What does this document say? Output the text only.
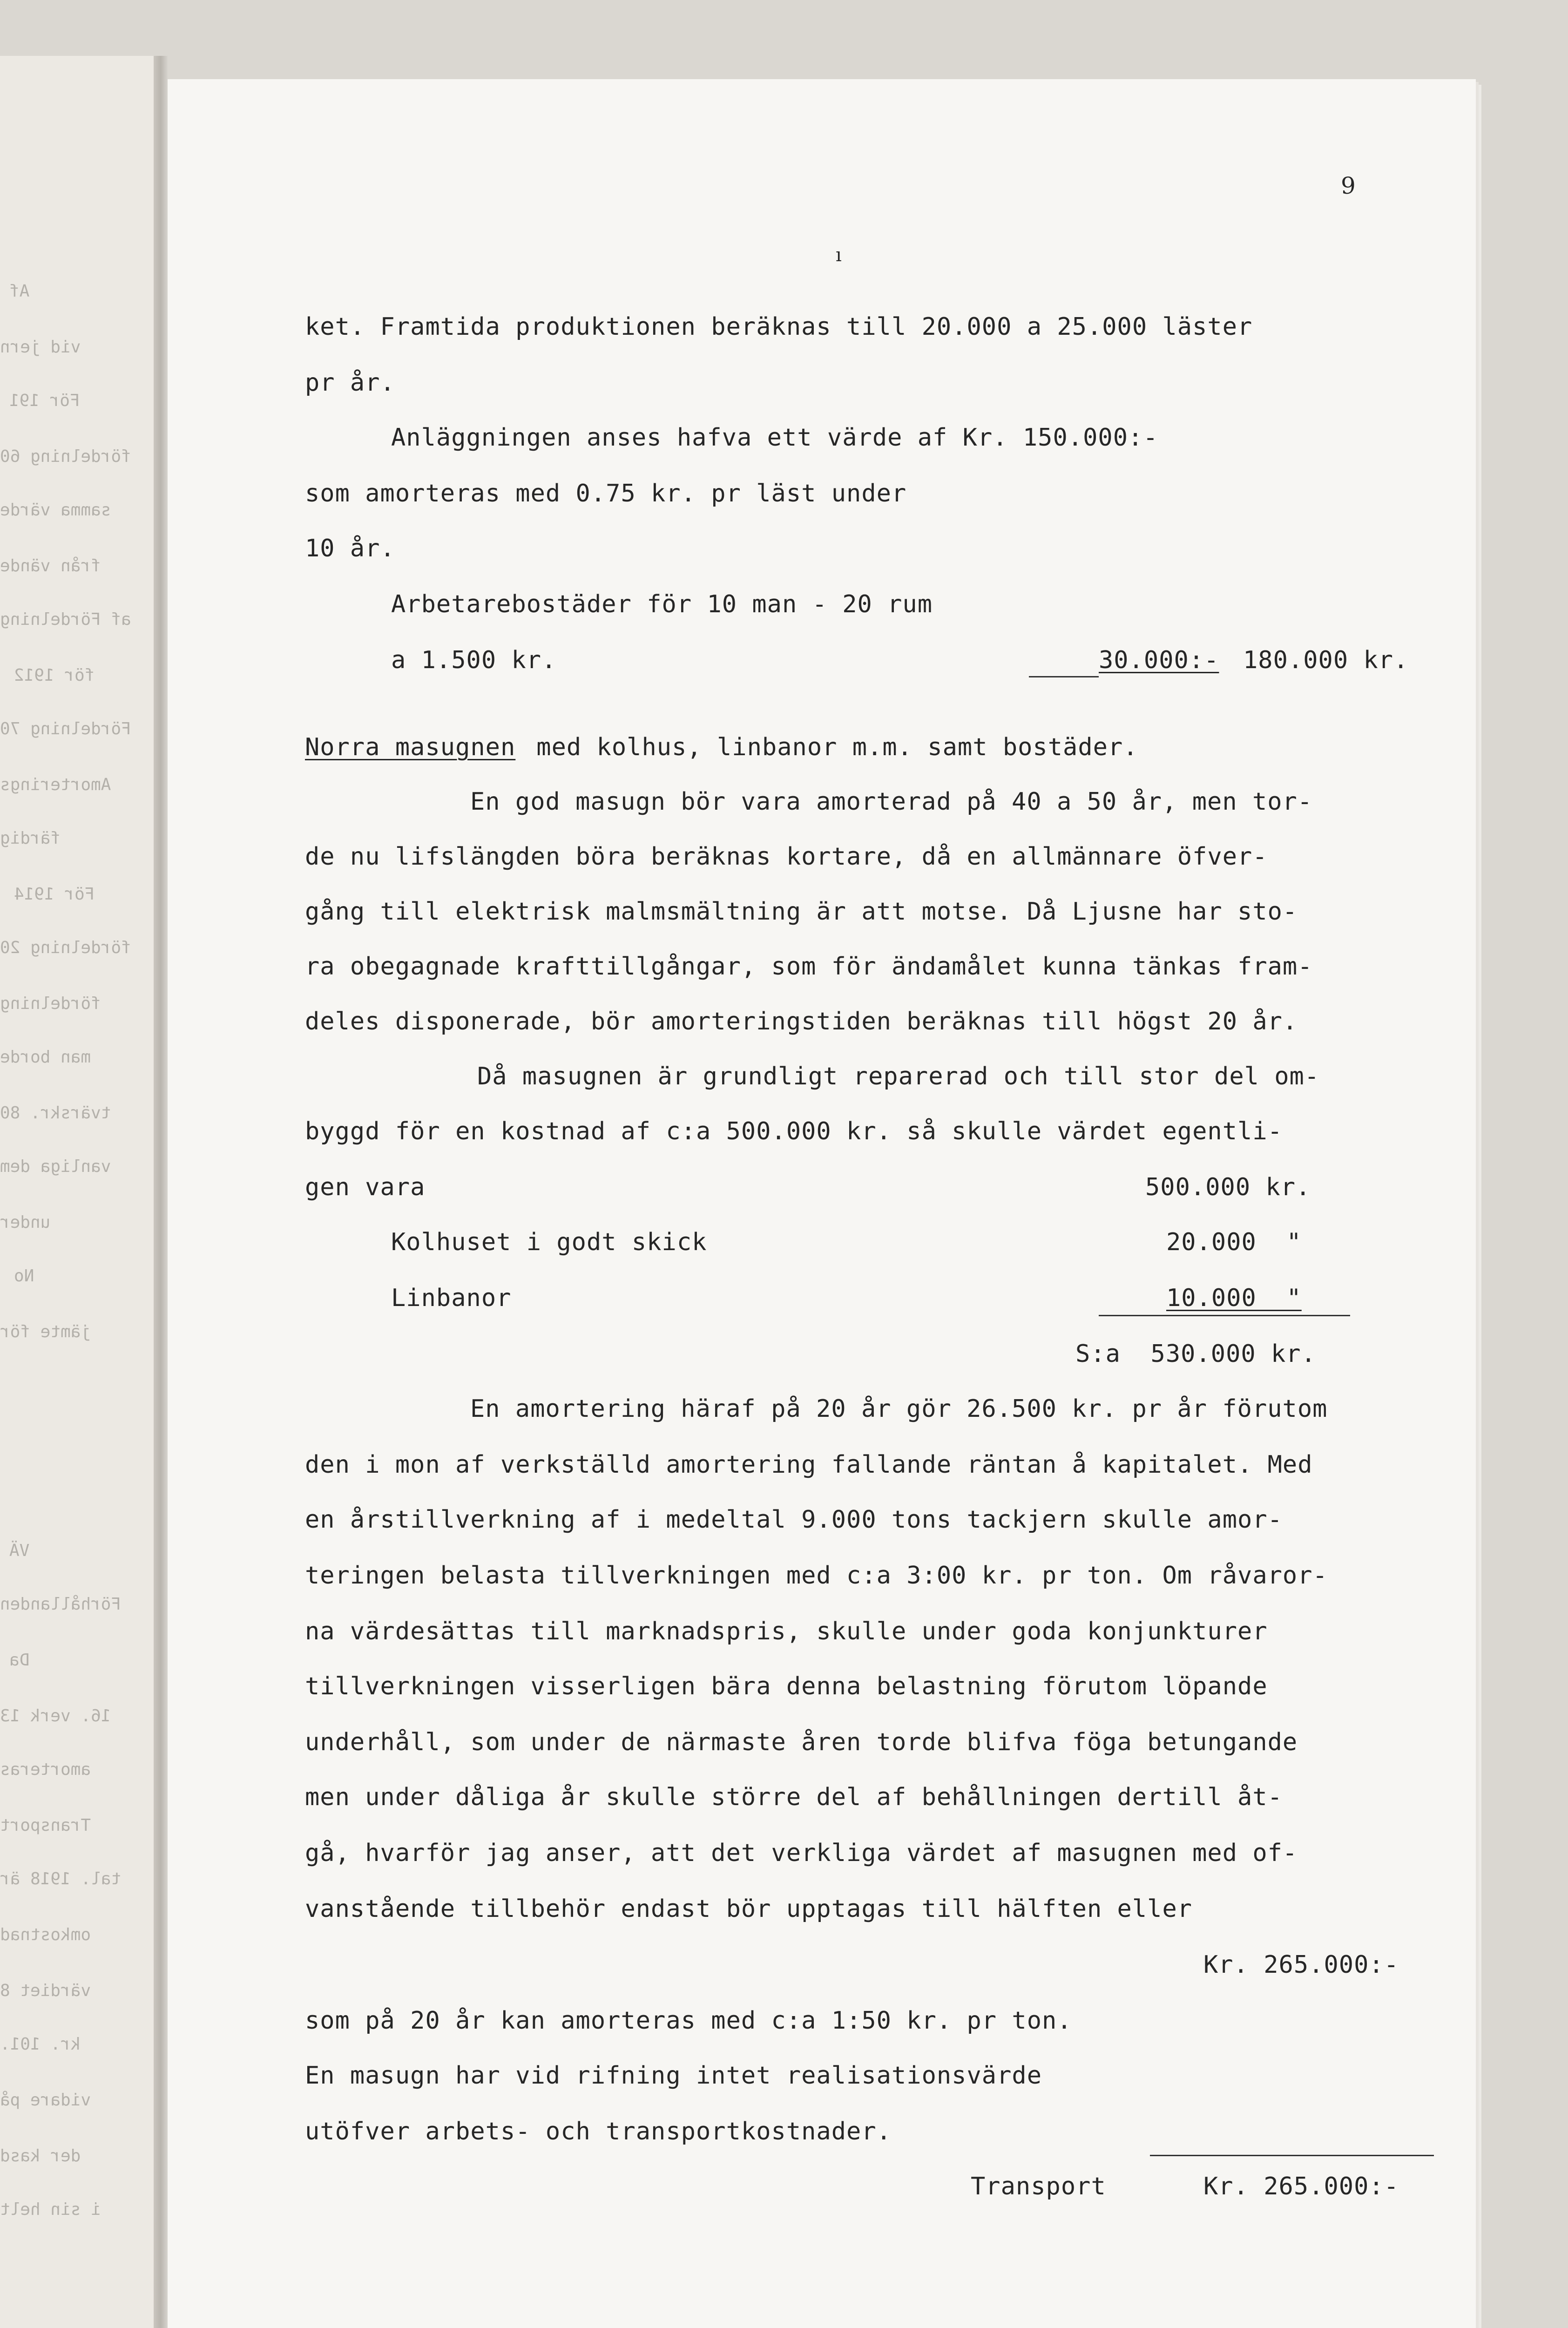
Af
vid jern
För 191
fördelning 60
samma värde
från vände
af Fördelning
för 1912
Fördelning 70
Amorterings
färdig
För 1914
fördelning 20
fördelning
man borde
tvärskr. 80
vanliga dem
under
No
jämte för
VÄ
Förhållanden
Da
16. verk 13
amorteras
Transport
tal. 1918 är
omkostnad
värdiet 8
kr. 101.
vidare på
der kasd
i sin helt
9
ı
ket. Framtida produktionen beräknas till 20.000 a 25.000 läster
pr år.
Anläggningen anses hafva ett värde af Kr. 150.000:-
som amorteras med 0.75 kr. pr läst under
10 år.
Arbetarebostäder för 10 man - 20 rum
a 1.500 kr.	30.000:- 180.000 kr.
Norra masugnen med kolhus, linbanor m.m. samt bostäder.
En god masugn bör vara amorterad på 40 a 50 år, men tor-
de nu lifslängden böra beräknas kortare, då en allmännare öfver-
gång till elektrisk malmsmältning är att motse. Då Ljusne har sto-
ra obegagnade krafttillgångar, som för ändamålet kunna tänkas fram-
deles disponerade, bör amorteringstiden beräknas till högst 20 år.
Då masugnen är grundligt reparerad och till stor del om-
byggd för en kostnad af c:a 500.000 kr. så skulle värdet egentli-
gen vara	500.000 kr.
Kolhuset i godt skick	20.000  "
Linbanor	10.000  "
S:a  530.000 kr.
En amortering häraf på 20 år gör 26.500 kr. pr år förutom
den i mon af verkställd amortering fallande räntan å kapitalet. Med
en årstillverkning af i medeltal 9.000 tons tackjern skulle amor-
teringen belasta tillverkningen med c:a 3:00 kr. pr ton. Om råvaror-
na värdesättas till marknadspris, skulle under goda konjunkturer
tillverkningen visserligen bära denna belastning förutom löpande
underhåll, som under de närmaste åren torde blifva föga betungande
men under dåliga år skulle större del af behållningen dertill åt-
gå, hvarför jag anser, att det verkliga värdet af masugnen med of-
vanstående tillbehör endast bör upptagas till hälften eller
Kr. 265.000:-
som på 20 år kan amorteras med c:a 1:50 kr. pr ton.
En masugn har vid rifning intet realisationsvärde
utöfver arbets- och transportkostnader.
Transport	Kr. 265.000:-
